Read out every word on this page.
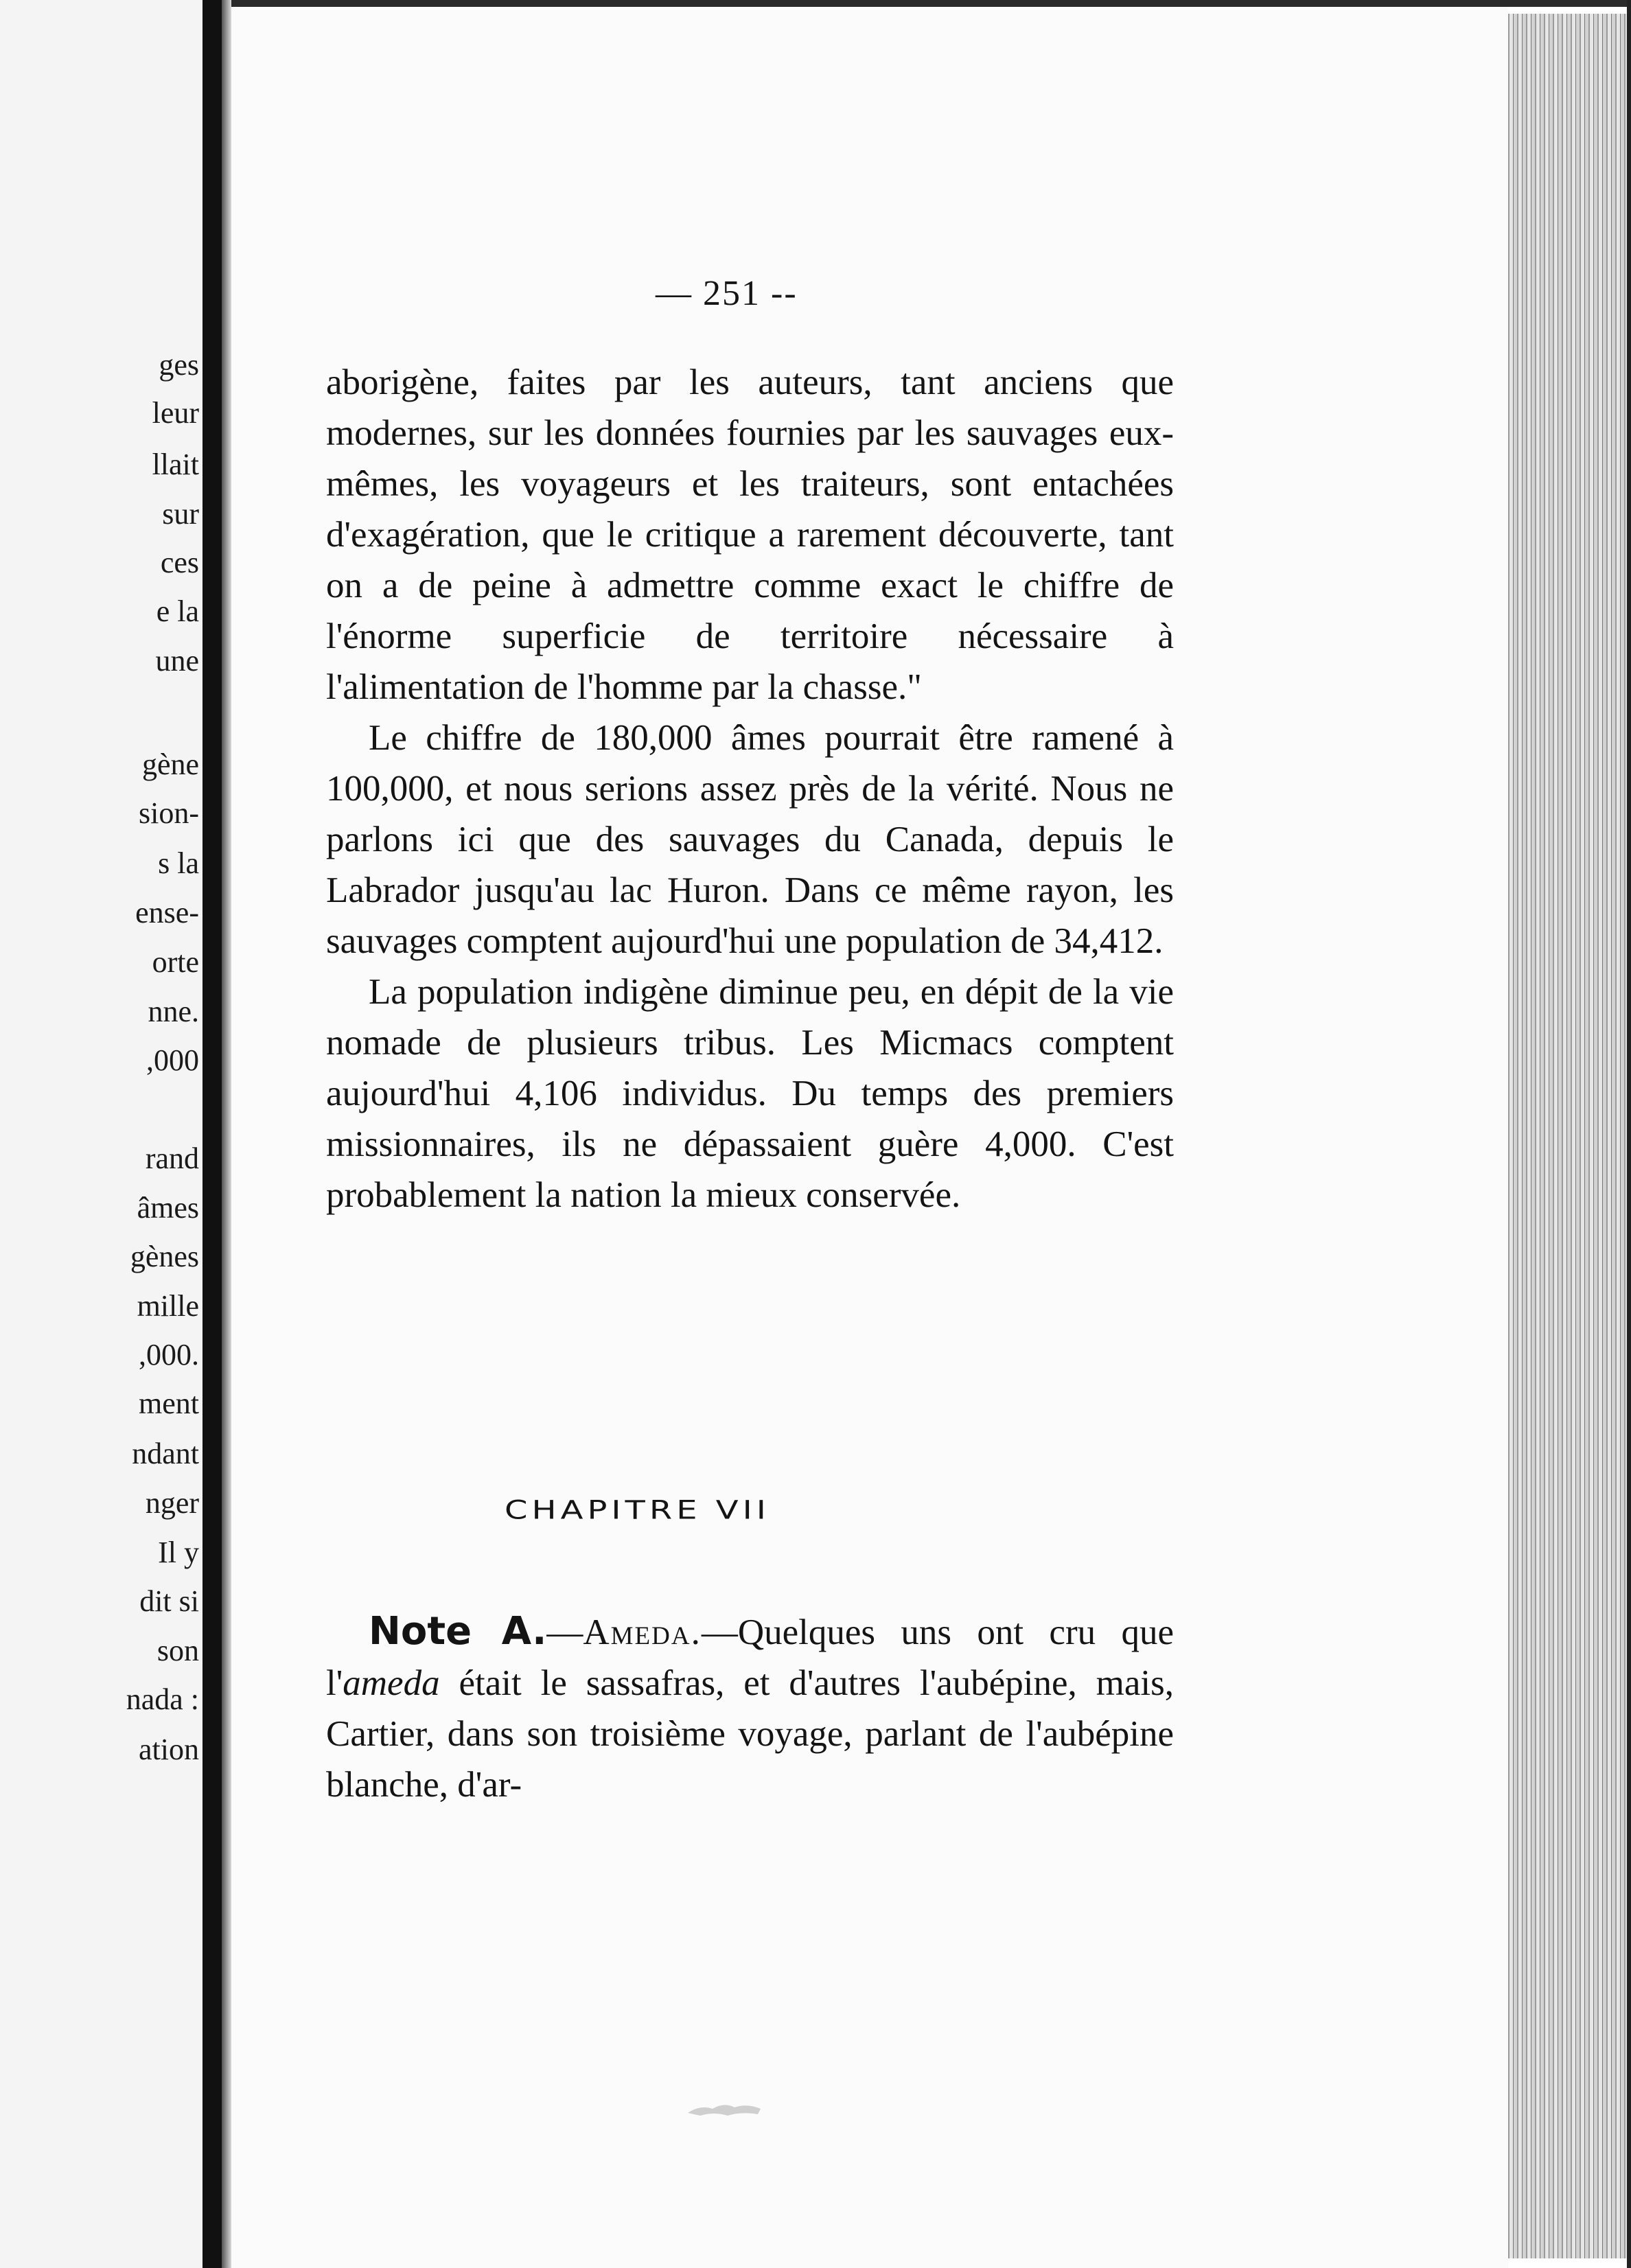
ges
leur
llait
sur
ces
e la
une
gène
sion-
s la
ense-
orte
nne.
,000
rand
âmes
gènes
mille
,000.
ment
ndant
nger
Il y
dit si
son
nada :
ation
— 251 --

aborigène, faites par les auteurs, tant anciens que modernes, sur les données fournies par les sauvages eux-mêmes, les voyageurs et les traiteurs, sont entachées d'exagération, que le critique a rarement découverte, tant on a de peine à admettre comme exact le chiffre de l'énorme superficie de territoire nécessaire à l'alimentation de l'homme par la chasse."

Le chiffre de 180,000 âmes pourrait être ramené à 100,000, et nous serions assez près de la vérité. Nous ne parlons ici que des sauvages du Canada, depuis le Labrador jusqu'au lac Huron. Dans ce même rayon, les sauvages comptent aujourd'hui une population de 34,412.

La population indigène diminue peu, en dépit de la vie nomade de plusieurs tribus. Les Micmacs comptent aujourd'hui 4,106 individus. Du temps des premiers missionnaires, ils ne dépassaient guère 4,000. C'est probablement la nation la mieux conservée.

CHAPITRE VII
Note A.—Ameda.—Quelques uns ont cru que l'ameda était le sassafras, et d'autres l'aubépine, mais, Cartier, dans son troisième voyage, parlant de l'aubépine blanche, d'ar-
